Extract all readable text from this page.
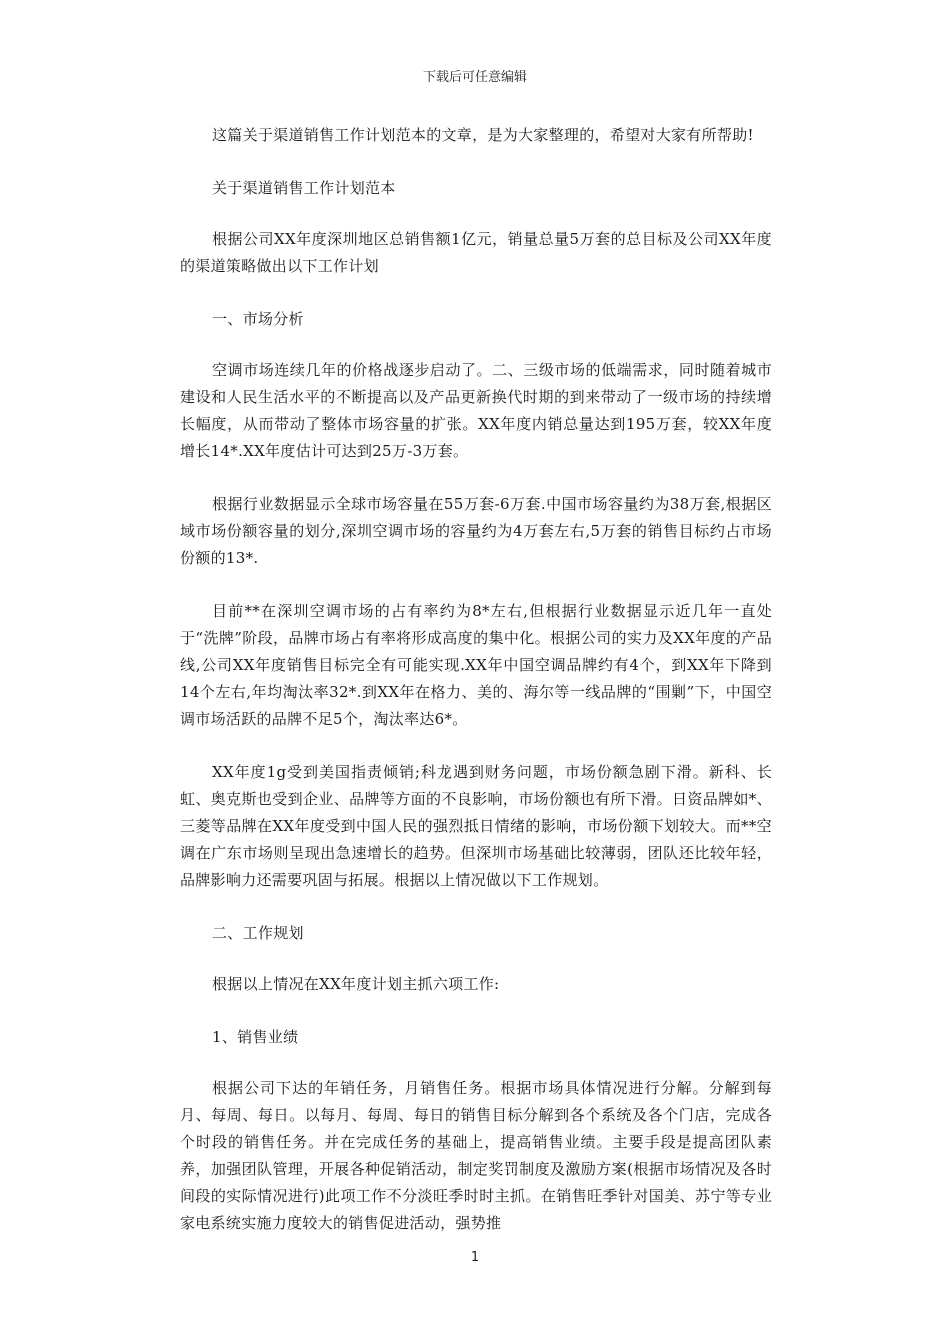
下载后可任意编辑

这篇关于渠道销售工作计划范本的文章，是为大家整理的，希望对大家有所帮助!

关于渠道销售工作计划范本

根据公司XX年度深圳地区总销售额1亿元，销量总量5万套的总目标及公司XX年度的渠道策略做出以下工作计划

一、市场分析

空调市场连续几年的价格战逐步启动了。二、三级市场的低端需求，同时随着城市建设和人民生活水平的不断提高以及产品更新换代时期的到来带动了一级市场的持续增长幅度，从而带动了整体市场容量的扩张。XX年度内销总量达到195万套，较XX年度增长14*.XX年度估计可达到25万-3万套。

根据行业数据显示全球市场容量在55万套-6万套.中国市场容量约为38万套,根据区域市场份额容量的划分,深圳空调市场的容量约为4万套左右,5万套的销售目标约占市场份额的13*.

目前**在深圳空调市场的占有率约为8*左右,但根据行业数据显示近几年一直处于“洗牌”阶段，品牌市场占有率将形成高度的集中化。根据公司的实力及XX年度的产品线,公司XX年度销售目标完全有可能实现.XX年中国空调品牌约有4个，到XX年下降到14个左右,年均淘汰率32*.到XX年在格力、美的、海尔等一线品牌的“围剿”下，中国空调市场活跃的品牌不足5个，淘汰率达6*。

XX年度1g受到美国指责倾销;科龙遇到财务问题，市场份额急剧下滑。新科、长虹、奥克斯也受到企业、品牌等方面的不良影响，市场份额也有所下滑。日资品牌如*、三菱等品牌在XX年度受到中国人民的强烈抵日情绪的影响，市场份额下划较大。而**空调在广东市场则呈现出急速增长的趋势。但深圳市场基础比较薄弱，团队还比较年轻，品牌影响力还需要巩固与拓展。根据以上情况做以下工作规划。

二、工作规划

根据以上情况在XX年度计划主抓六项工作:

1、销售业绩

根据公司下达的年销任务，月销售任务。根据市场具体情况进行分解。分解到每月、每周、每日。以每月、每周、每日的销售目标分解到各个系统及各个门店，完成各个时段的销售任务。并在完成任务的基础上，提高销售业绩。主要手段是提高团队素养，加强团队管理，开展各种促销活动，制定奖罚制度及激励方案(根据市场情况及各时间段的实际情况进行)此项工作不分淡旺季时时主抓。在销售旺季针对国美、苏宁等专业家电系统实施力度较大的销售促进活动，强势推

1
